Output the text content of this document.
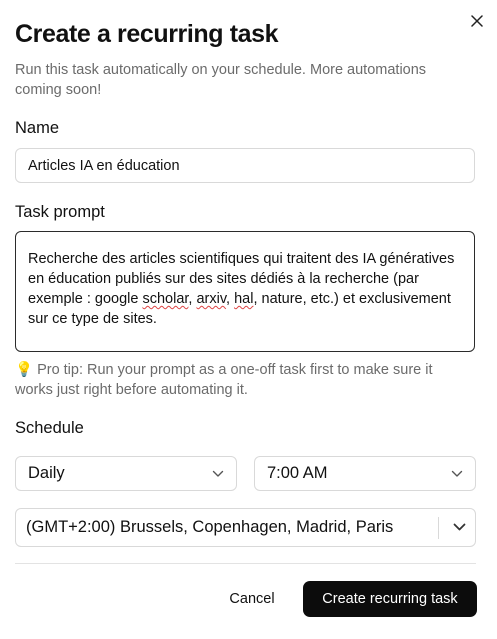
Create a recurring task
Run this task automatically on your schedule. More automations coming soon!
Name
Articles IA en éducation
Task prompt
Recherche des articles scientifiques qui traitent des IA génératives en éducation publiés sur des sites dédiés à la recherche (par exemple : google scholar, arxiv, hal, nature, etc.) et exclusivement sur ce type de sites.
💡 Pro tip: Run your prompt as a one-off task first to make sure it works just right before automating it.
Schedule
Daily	7:00 AM
(GMT+2:00) Brussels, Copenhagen, Madrid, Paris
Cancel	Create recurring task
